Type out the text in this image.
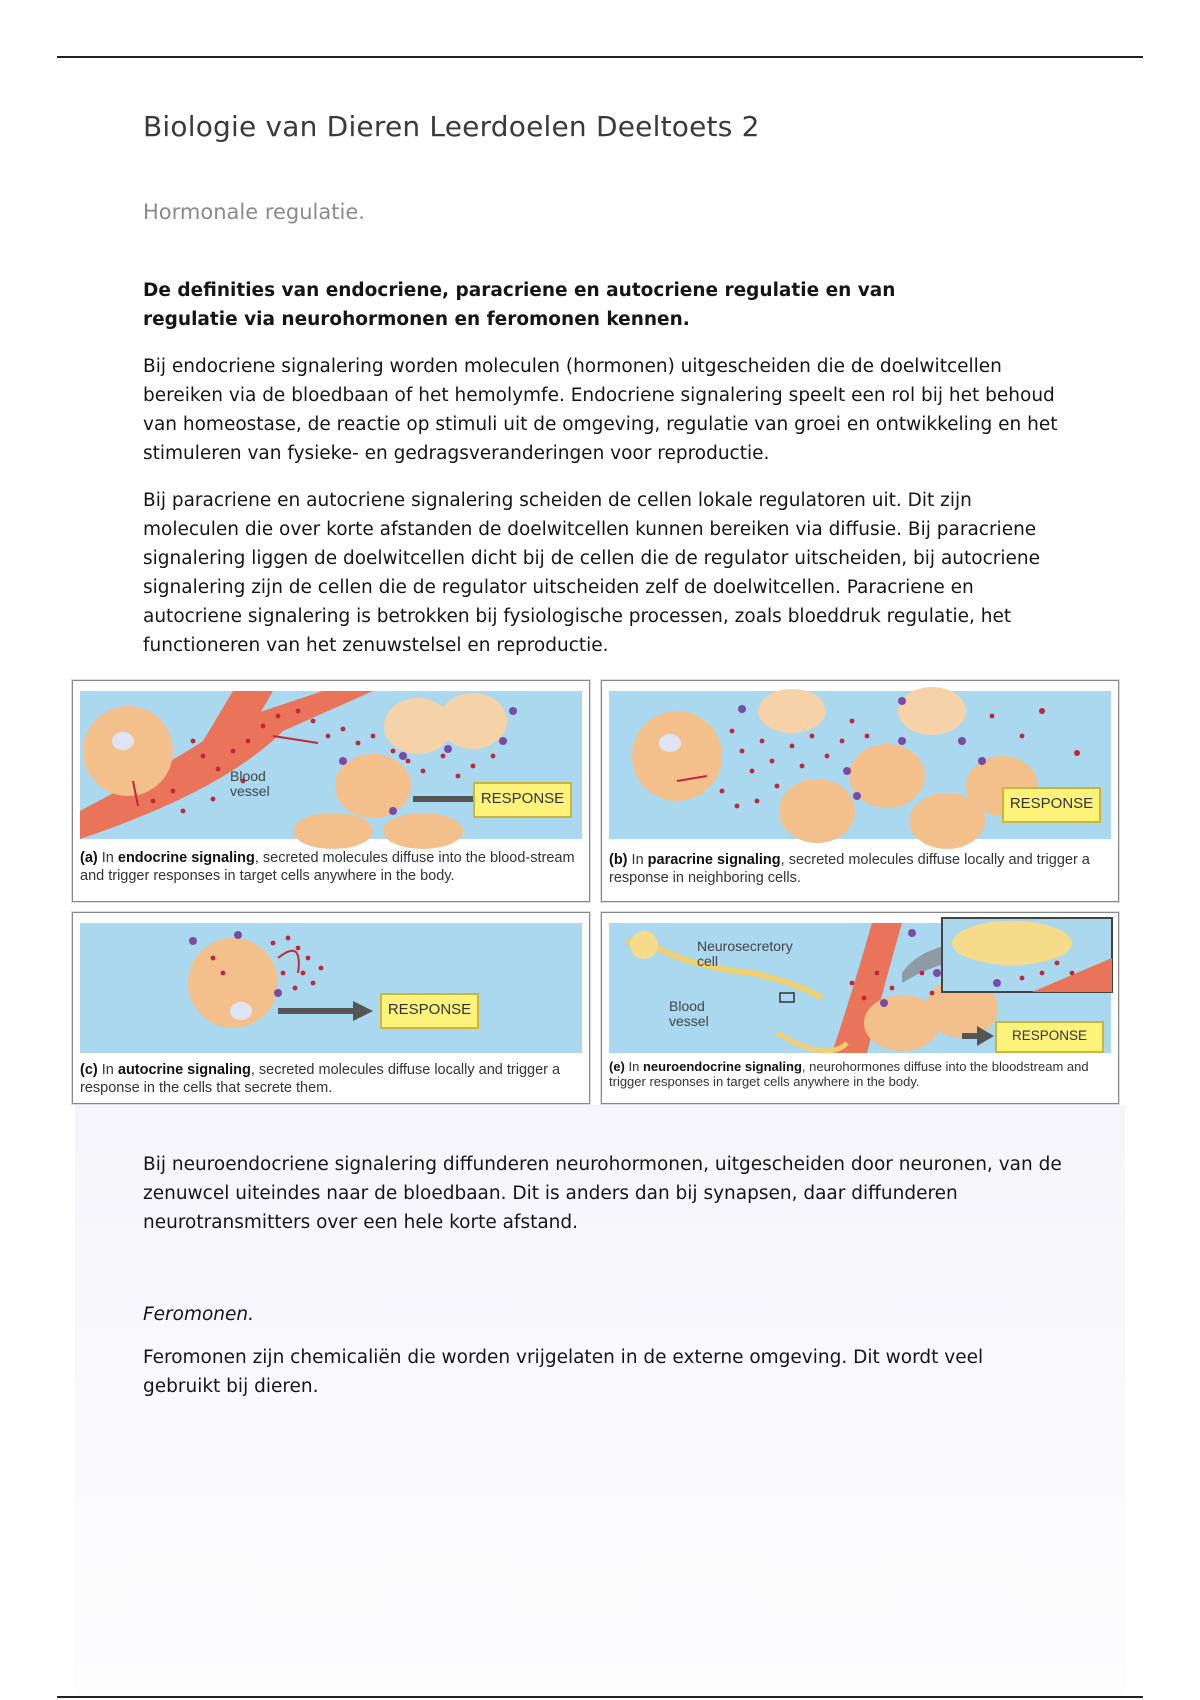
Biologie van Dieren Leerdoelen Deeltoets 2
Hormonale regulatie.
De definities van endocriene, paracriene en autocriene regulatie en van regulatie via neurohormonen en feromonen kennen.
Bij endocriene signalering worden moleculen (hormonen) uitgescheiden die de doelwitcellen bereiken via de bloedbaan of het hemolymfe. Endocriene signalering speelt een rol bij het behoud van homeostase, de reactie op stimuli uit de omgeving, regulatie van groei en ontwikkeling en het stimuleren van fysieke- en gedragsveranderingen voor reproductie.
Bij paracriene en autocriene signalering scheiden de cellen lokale regulatoren uit. Dit zijn moleculen die over korte afstanden de doelwitcellen kunnen bereiken via diffusie. Bij paracriene signalering liggen de doelwitcellen dicht bij de cellen die de regulator uitscheiden, bij autocriene signalering zijn de cellen die de regulator uitscheiden zelf de doelwitcellen. Paracriene en autocriene signalering is betrokken bij fysiologische processen, zoals bloeddruk regulatie, het functioneren van het zenuwstelsel en reproductie.
Blood vessel	RESPONSE
(a) In endocrine signaling, secreted molecules diffuse into the blood-stream and trigger responses in target cells anywhere in the body.
RESPONSE
(b) In paracrine signaling, secreted molecules diffuse locally and trigger a response in neighboring cells.
RESPONSE
(c) In autocrine signaling, secreted molecules diffuse locally and trigger a response in the cells that secrete them.
Neurosecretory cell
Blood vessel
RESPONSE
(e) In neuroendocrine signaling, neurohormones diffuse into the bloodstream and trigger responses in target cells anywhere in the body.
Bij neuroendocriene signalering diffunderen neurohormonen, uitgescheiden door neuronen, van de zenuwcel uiteindes naar de bloedbaan. Dit is anders dan bij synapsen, daar diffunderen neurotransmitters over een hele korte afstand.
Feromonen.
Feromonen zijn chemicaliën die worden vrijgelaten in de externe omgeving. Dit wordt veel gebruikt bij dieren.
